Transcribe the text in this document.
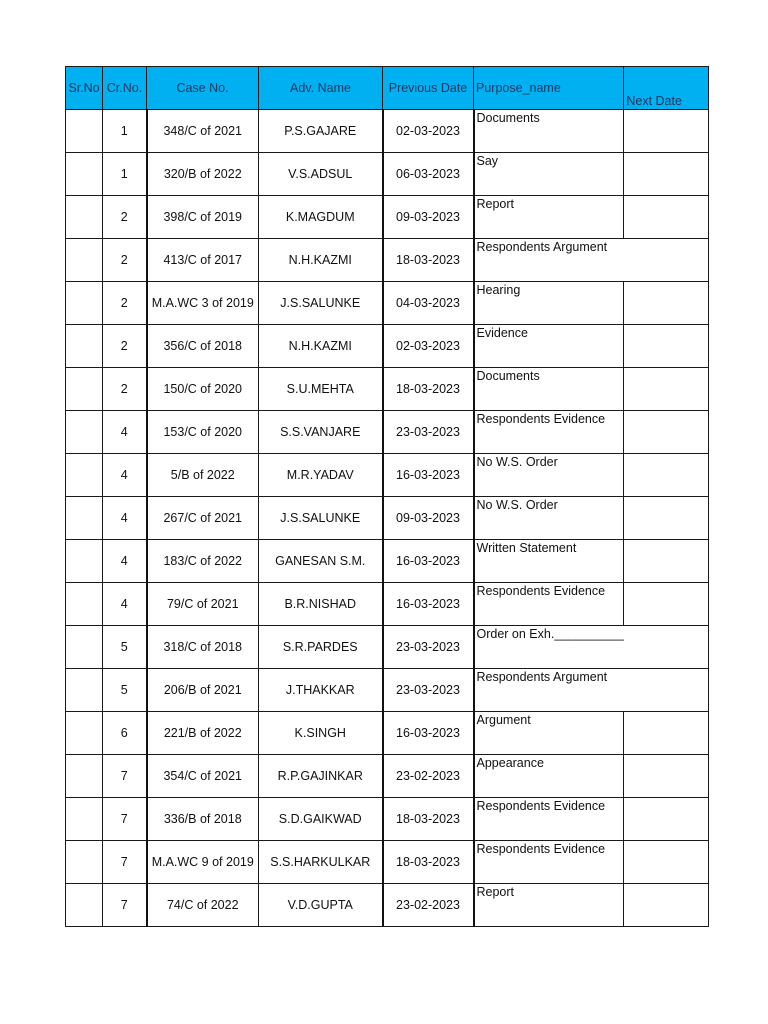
Sr.No	Cr.No.	Case No.	Adv. Name	Previous Date	Purpose_name	Next Date
	1	348/C of 2021	P.S.GAJARE	02-03-2023	Documents	
	1	320/B of 2022	V.S.ADSUL	06-03-2023	Say	
	2	398/C of 2019	K.MAGDUM	09-03-2023	Report	
	2	413/C of 2017	N.H.KAZMI	18-03-2023	Respondents Argument	
	2	M.A.WC 3 of 2019	J.S.SALUNKE	04-03-2023	Hearing	
	2	356/C of 2018	N.H.KAZMI	02-03-2023	Evidence	
	2	150/C of 2020	S.U.MEHTA	18-03-2023	Documents	
	4	153/C of 2020	S.S.VANJARE	23-03-2023	Respondents Evidence	
	4	5/B of 2022	M.R.YADAV	16-03-2023	No W.S. Order	
	4	267/C of 2021	J.S.SALUNKE	09-03-2023	No W.S. Order	
	4	183/C of 2022	GANESAN S.M.	16-03-2023	Written Statement	
	4	79/C of 2021	B.R.NISHAD	16-03-2023	Respondents Evidence	
	5	318/C of 2018	S.R.PARDES	23-03-2023	Order on Exh.__________	
	5	206/B of 2021	J.THAKKAR	23-03-2023	Respondents Argument	
	6	221/B of 2022	K.SINGH	16-03-2023	Argument	
	7	354/C of 2021	R.P.GAJINKAR	23-02-2023	Appearance	
	7	336/B of 2018	S.D.GAIKWAD	18-03-2023	Respondents Evidence	
	7	M.A.WC 9 of 2019	S.S.HARKULKAR	18-03-2023	Respondents Evidence	
	7	74/C of 2022	V.D.GUPTA	23-02-2023	Report	
